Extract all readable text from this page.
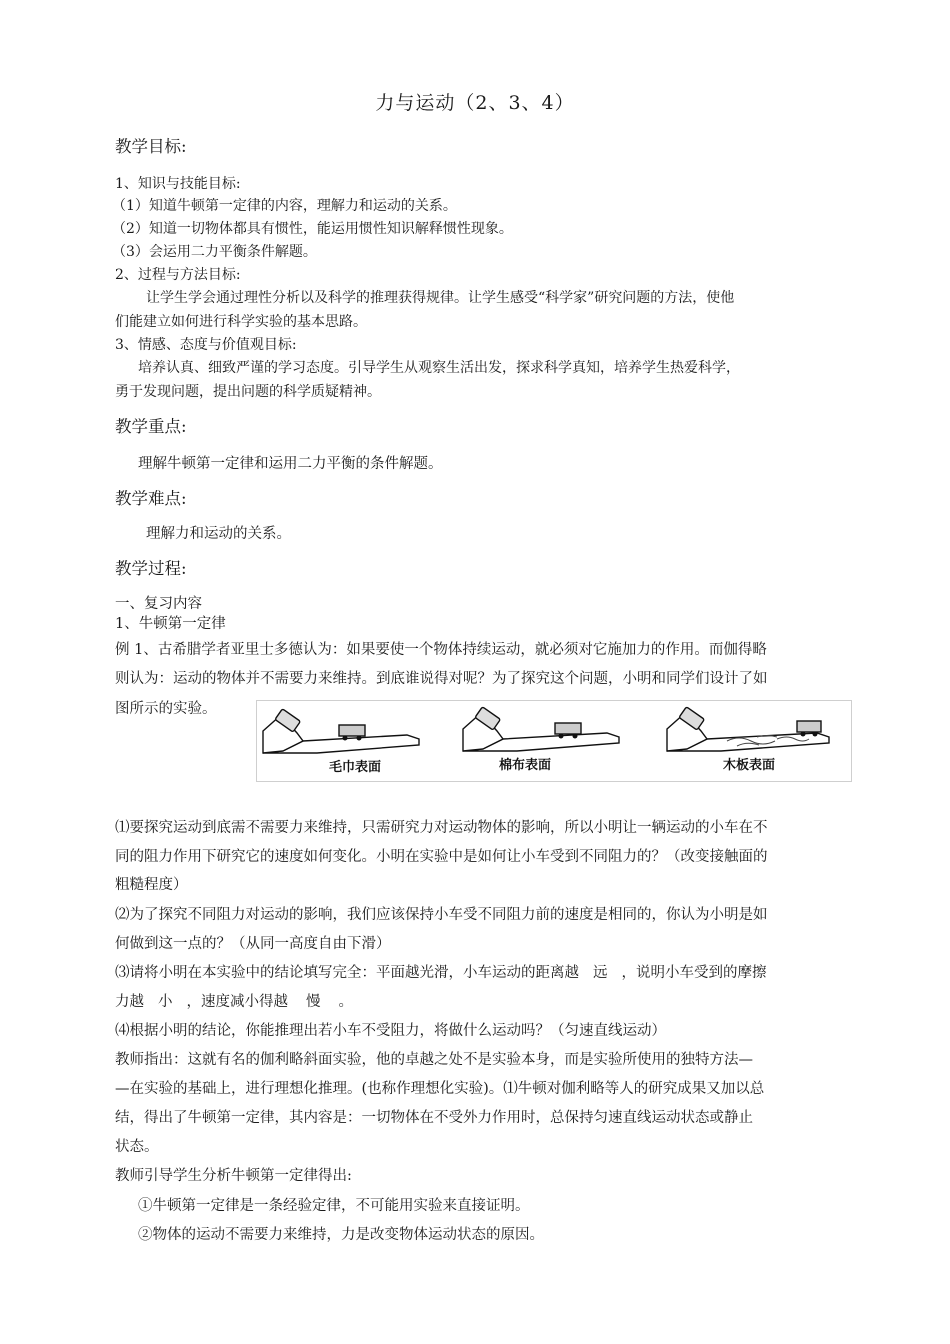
力与运动（2、3、4）
教学目标:
1、知识与技能目标:
（1）知道牛顿第一定律的内容，理解力和运动的关系。
（2）知道一切物体都具有惯性，能运用惯性知识解释惯性现象。
（3）会运用二力平衡条件解题。
2、过程与方法目标:
让学生学会通过理性分析以及科学的推理获得规律。让学生感受“科学家”研究问题的方法，使他
们能建立如何进行科学实验的基本思路。
3、情感、态度与价值观目标:
培养认真、细致严谨的学习态度。引导学生从观察生活出发，探求科学真知，培养学生热爱科学，
勇于发现问题，提出问题的科学质疑精神。
教学重点:
理解牛顿第一定律和运用二力平衡的条件解题。
教学难点:
理解力和运动的关系。
教学过程:
一、复习内容
1、牛顿第一定律
例 1、古希腊学者亚里士多德认为：如果要使一个物体持续运动，就必须对它施加力的作用。而伽得略
则认为：运动的物体并不需要力来维持。到底谁说得对呢？为了探究这个问题，小明和同学们设计了如
图所示的实验。
毛巾表面	棉布表面	木板表面
⑴要探究运动到底需不需要力来维持，只需研究力对运动物体的影响，所以小明让一辆运动的小车在不
同的阻力作用下研究它的速度如何变化。小明在实验中是如何让小车受到不同阻力的？（改变接触面的
粗糙程度）
⑵为了探究不同阻力对运动的影响，我们应该保持小车受不同阻力前的速度是相同的，你认为小明是如
何做到这一点的？（从同一高度自由下滑）
⑶请将小明在本实验中的结论填写完全：平面越光滑，小车运动的距离越 远 ，说明小车受到的摩擦
力越 小 ，速度减小得越 慢 。
⑷根据小明的结论，你能推理出若小车不受阻力，将做什么运动吗？（匀速直线运动）
教师指出：这就有名的伽利略斜面实验，他的卓越之处不是实验本身，而是实验所使用的独特方法—
—在实验的基础上，进行理想化推理。(也称作理想化实验)。⑴牛顿对伽利略等人的研究成果又加以总
结，得出了牛顿第一定律，其内容是：一切物体在不受外力作用时，总保持匀速直线运动状态或静止
状态。
教师引导学生分析牛顿第一定律得出:
①牛顿第一定律是一条经验定律，不可能用实验来直接证明。
②物体的运动不需要力来维持，力是改变物体运动状态的原因。
